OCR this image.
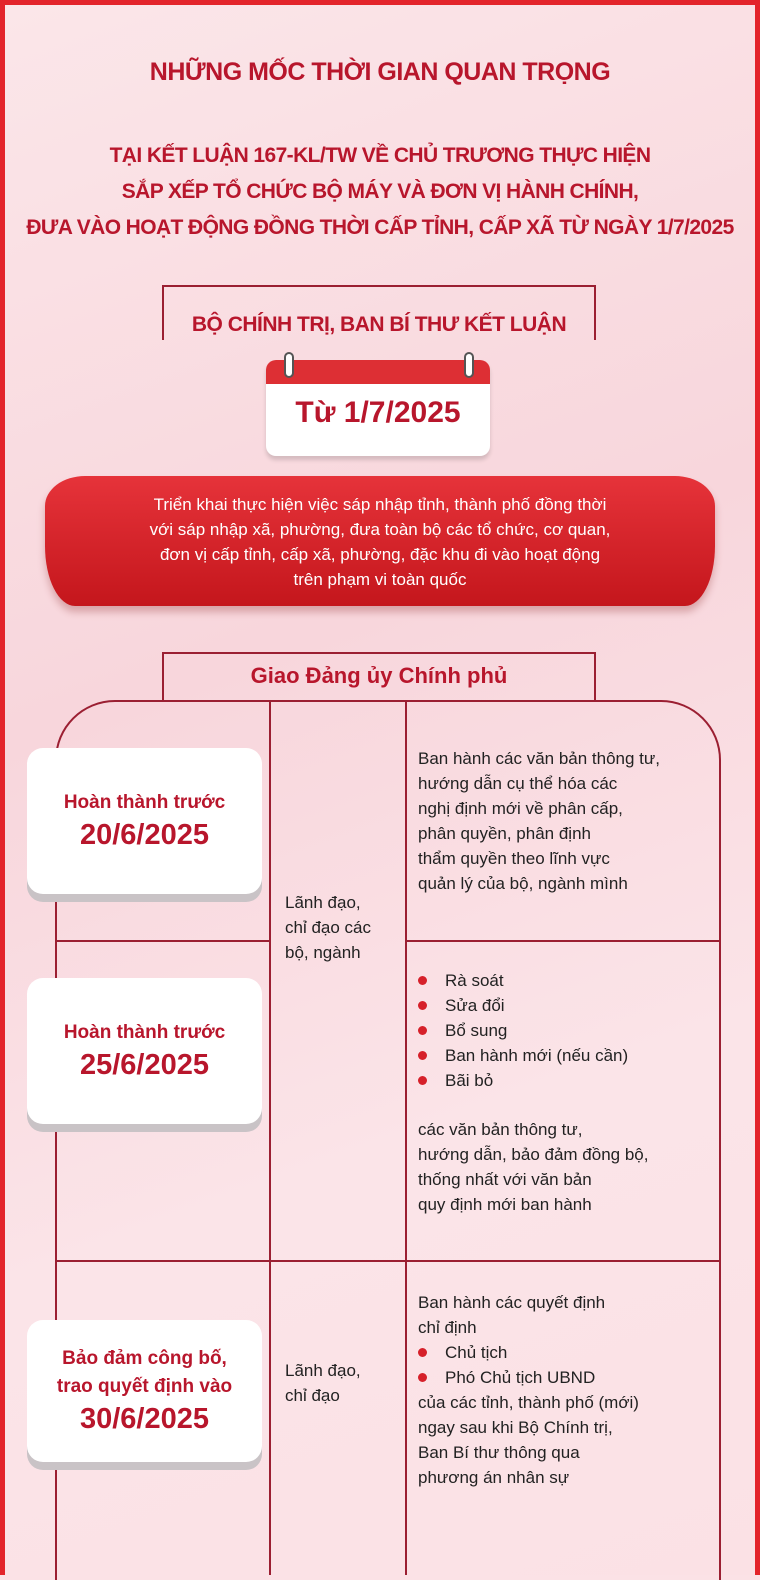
NHỮNG MỐC THỜI GIAN QUAN TRỌNG
TẠI KẾT LUẬN 167-KL/TW VỀ CHỦ TRƯƠNG THỰC HIỆN
SẮP XẾP TỔ CHỨC BỘ MÁY VÀ ĐƠN VỊ HÀNH CHÍNH,
ĐƯA VÀO HOẠT ĐỘNG ĐỒNG THỜI CẤP TỈNH, CẤP XÃ TỪ NGÀY 1/7/2025
BỘ CHÍNH TRỊ, BAN BÍ THƯ KẾT LUẬN
Từ 1/7/2025
Triển khai thực hiện việc sáp nhập tỉnh, thành phố đồng thời
với sáp nhập xã, phường, đưa toàn bộ các tổ chức, cơ quan,
đơn vị cấp tỉnh, cấp xã, phường, đặc khu đi vào hoạt động
trên phạm vi toàn quốc
Giao Đảng ủy Chính phủ
Hoàn thành trước
20/6/2025
Ban hành các văn bản thông tư,
hướng dẫn cụ thể hóa các
nghị định mới về phân cấp,
phân quyền, phân định
thẩm quyền theo lĩnh vực
quản lý của bộ, ngành mình
Lãnh đạo,
chỉ đạo các
bộ, ngành
Hoàn thành trước
25/6/2025
Rà soát
Sửa đổi
Bổ sung
Ban hành mới (nếu cần)
Bãi bỏ
các văn bản thông tư,
hướng dẫn, bảo đảm đồng bộ,
thống nhất với văn bản
quy định mới ban hành
Bảo đảm công bố,
trao quyết định vào
30/6/2025
Lãnh đạo,
chỉ đạo
Ban hành các quyết định
chỉ định
Chủ tịch
Phó Chủ tịch UBND
của các tỉnh, thành phố (mới)
ngay sau khi Bộ Chính trị,
Ban Bí thư thông qua
phương án nhân sự
